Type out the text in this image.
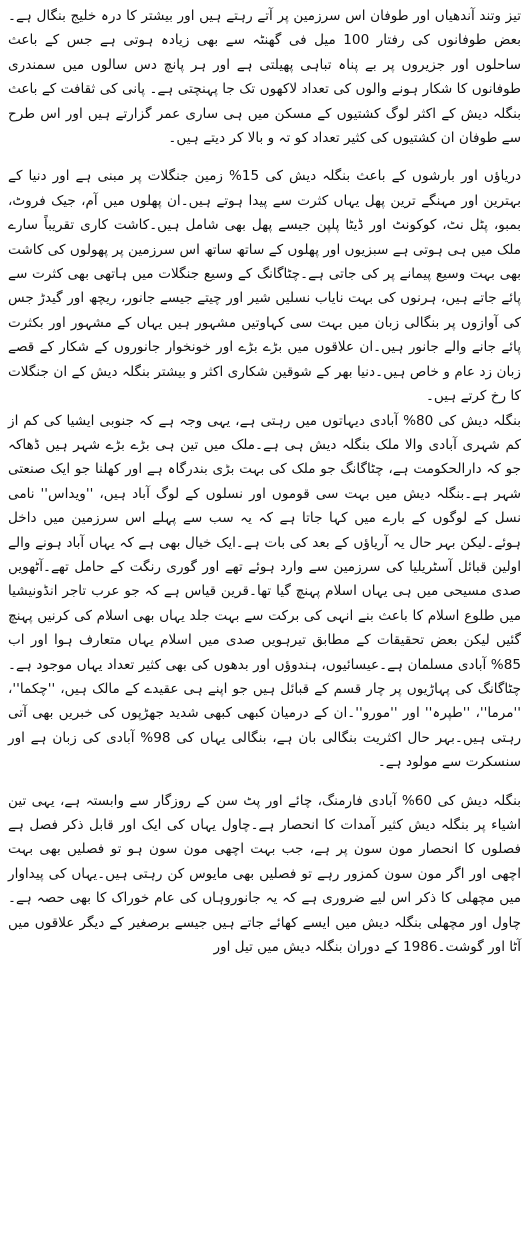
تیز وتند آندھیاں اور طوفان اس سرزمین پر آتے رہتے ہیں اور بیشتر کا درہ خلیج بنگال ہے۔بعض طوفانوں کی رفتار 100 میل فی گھنٹہ سے بھی زیادہ ہوتی ہے جس کے باعث ساحلوں اور جزیروں پر بے پناہ تباہی پھیلتی ہے اور ہر پانچ دس سالوں میں سمندری طوفانوں کا شکار ہونے والوں کی تعداد لاکھوں تک جا پہنچتی ہے۔ پانی کی ثقافت کے باعث بنگلہ دیش کے اکثر لوگ کشتیوں کے مسکن میں ہی ساری عمر گزارتے ہیں اور اس طرح سے طوفان ان کشتیوں کی کثیر تعداد کو تہ و بالا کر دیتے ہیں۔

دریاؤں اور بارشوں کے باعث بنگلہ دیش کی 15% زمین جنگلات پر مبنی ہے اور دنیا کے بہترین اور مہنگے ترین پھل یہاں کثرت سے پیدا ہوتے ہیں۔ان پھلوں میں آم، جیک فروٹ، بمبو، پٹل نٹ، کوکونٹ اور ڈیٹا پلپن جیسے پھل بھی شامل ہیں۔کاشت کاری تقریباً سارے ملک میں ہی ہوتی ہے سبزیوں اور پھلوں کے ساتھ ساتھ اس سرزمین پر پھولوں کی کاشت بھی بہت وسیع پیمانے پر کی جاتی ہے۔چٹاگانگ کے وسیع جنگلات میں ہاتھی بھی کثرت سے پائے جاتے ہیں، ہرنوں کی بہت نایاب نسلیں شیر اور چیتے جیسے جانور، ریچھ اور گیدڑ جس کی آوازوں پر بنگالی زبان میں بہت سی کہاوتیں مشہور ہیں یہاں کے مشہور اور بکثرت پائے جانے والے جانور ہیں۔ان علاقوں میں بڑے بڑے اور خونخوار جانوروں کے شکار کے قصے زبان زد عام و خاص ہیں۔دنیا بھر کے شوقین شکاری اکثر و بیشتر بنگلہ دیش کے ان جنگلات کا رخ کرتے ہیں۔

بنگلہ دیش کی 80% آبادی دیہاتوں میں رہتی ہے، یہی وجہ ہے کہ جنوبی ایشیا کی کم از کم شہری آبادی والا ملک بنگلہ دیش ہی ہے۔ملک میں تین ہی بڑے بڑے شہر ہیں ڈھاکہ جو کہ دارالحکومت ہے، چٹاگانگ جو ملک کی بہت بڑی بندرگاہ ہے اور کھلنا جو ایک صنعتی شہر ہے۔بنگلہ دیش میں بہت سی قوموں اور نسلوں کے لوگ آباد ہیں، ''ویداس'' نامی نسل کے لوگوں کے بارے میں کہا جاتا ہے کہ یہ سب سے پہلے اس سرزمین میں داخل ہوئے۔لیکن بہر حال یہ آریاؤں کے بعد کی بات ہے۔ایک خیال بھی ہے کہ یہاں آباد ہونے والے اولین قبائل آسٹریلیا کی سرزمین سے وارد ہوئے تھے اور گوری رنگت کے حامل تھے۔آٹھویں صدی مسیحی میں ہی یہاں اسلام پہنچ گیا تھا۔قرین قیاس ہے کہ جو عرب تاجر انڈونیشیا میں طلوع اسلام کا باعث بنے انہی کی برکت سے بہت جلد یہاں بھی اسلام کی کرنیں پہنچ گئیں لیکن بعض تحقیقات کے مطابق تیرہویں صدی میں اسلام یہاں متعارف ہوا اور اب 85% آبادی مسلمان ہے۔عیسائیوں، ہندوؤں اور بدھوں کی بھی کثیر تعداد یہاں موجود ہے۔چٹاگانگ کی پہاڑیوں پر چار قسم کے قبائل ہیں جو اپنے ہی عقیدے کے مالک ہیں، ''چکما''، ''مرما''، ''طپرہ'' اور ''مورو''۔ان کے درمیان کبھی کبھی شدید جھڑپوں کی خبریں بھی آتی رہتی ہیں۔بہر حال اکثریت بنگالی بان ہے، بنگالی یہاں کی 98% آبادی کی زبان ہے اور سنسکرت سے مولود ہے۔

بنگلہ دیش کی 60% آبادی فارمنگ، چائے اور پٹ سن کے روزگار سے وابستہ ہے، یہی تین اشیاء پر بنگلہ دیش کثیر آمدات کا انحصار ہے۔چاول یہاں کی ایک اور قابل ذکر فصل ہے فصلوں کا انحصار مون سون پر ہے، جب بہت اچھی مون سون ہو تو فصلیں بھی بہت اچھی اور اگر مون سون کمزور رہے تو فصلیں بھی مایوس کن رہتی ہیں۔یہاں کی پیداوار میں مچھلی کا ذکر اس لیے ضروری ہے کہ یہ جانوروہاں کی عام خوراک کا بھی حصہ ہے۔چاول اور مچھلی بنگلہ دیش میں ایسے کھائے جاتے ہیں جیسے برصغیر کے دیگر علاقوں میں آٹا اور گوشت۔1986 کے دوران بنگلہ دیش میں تیل اور
